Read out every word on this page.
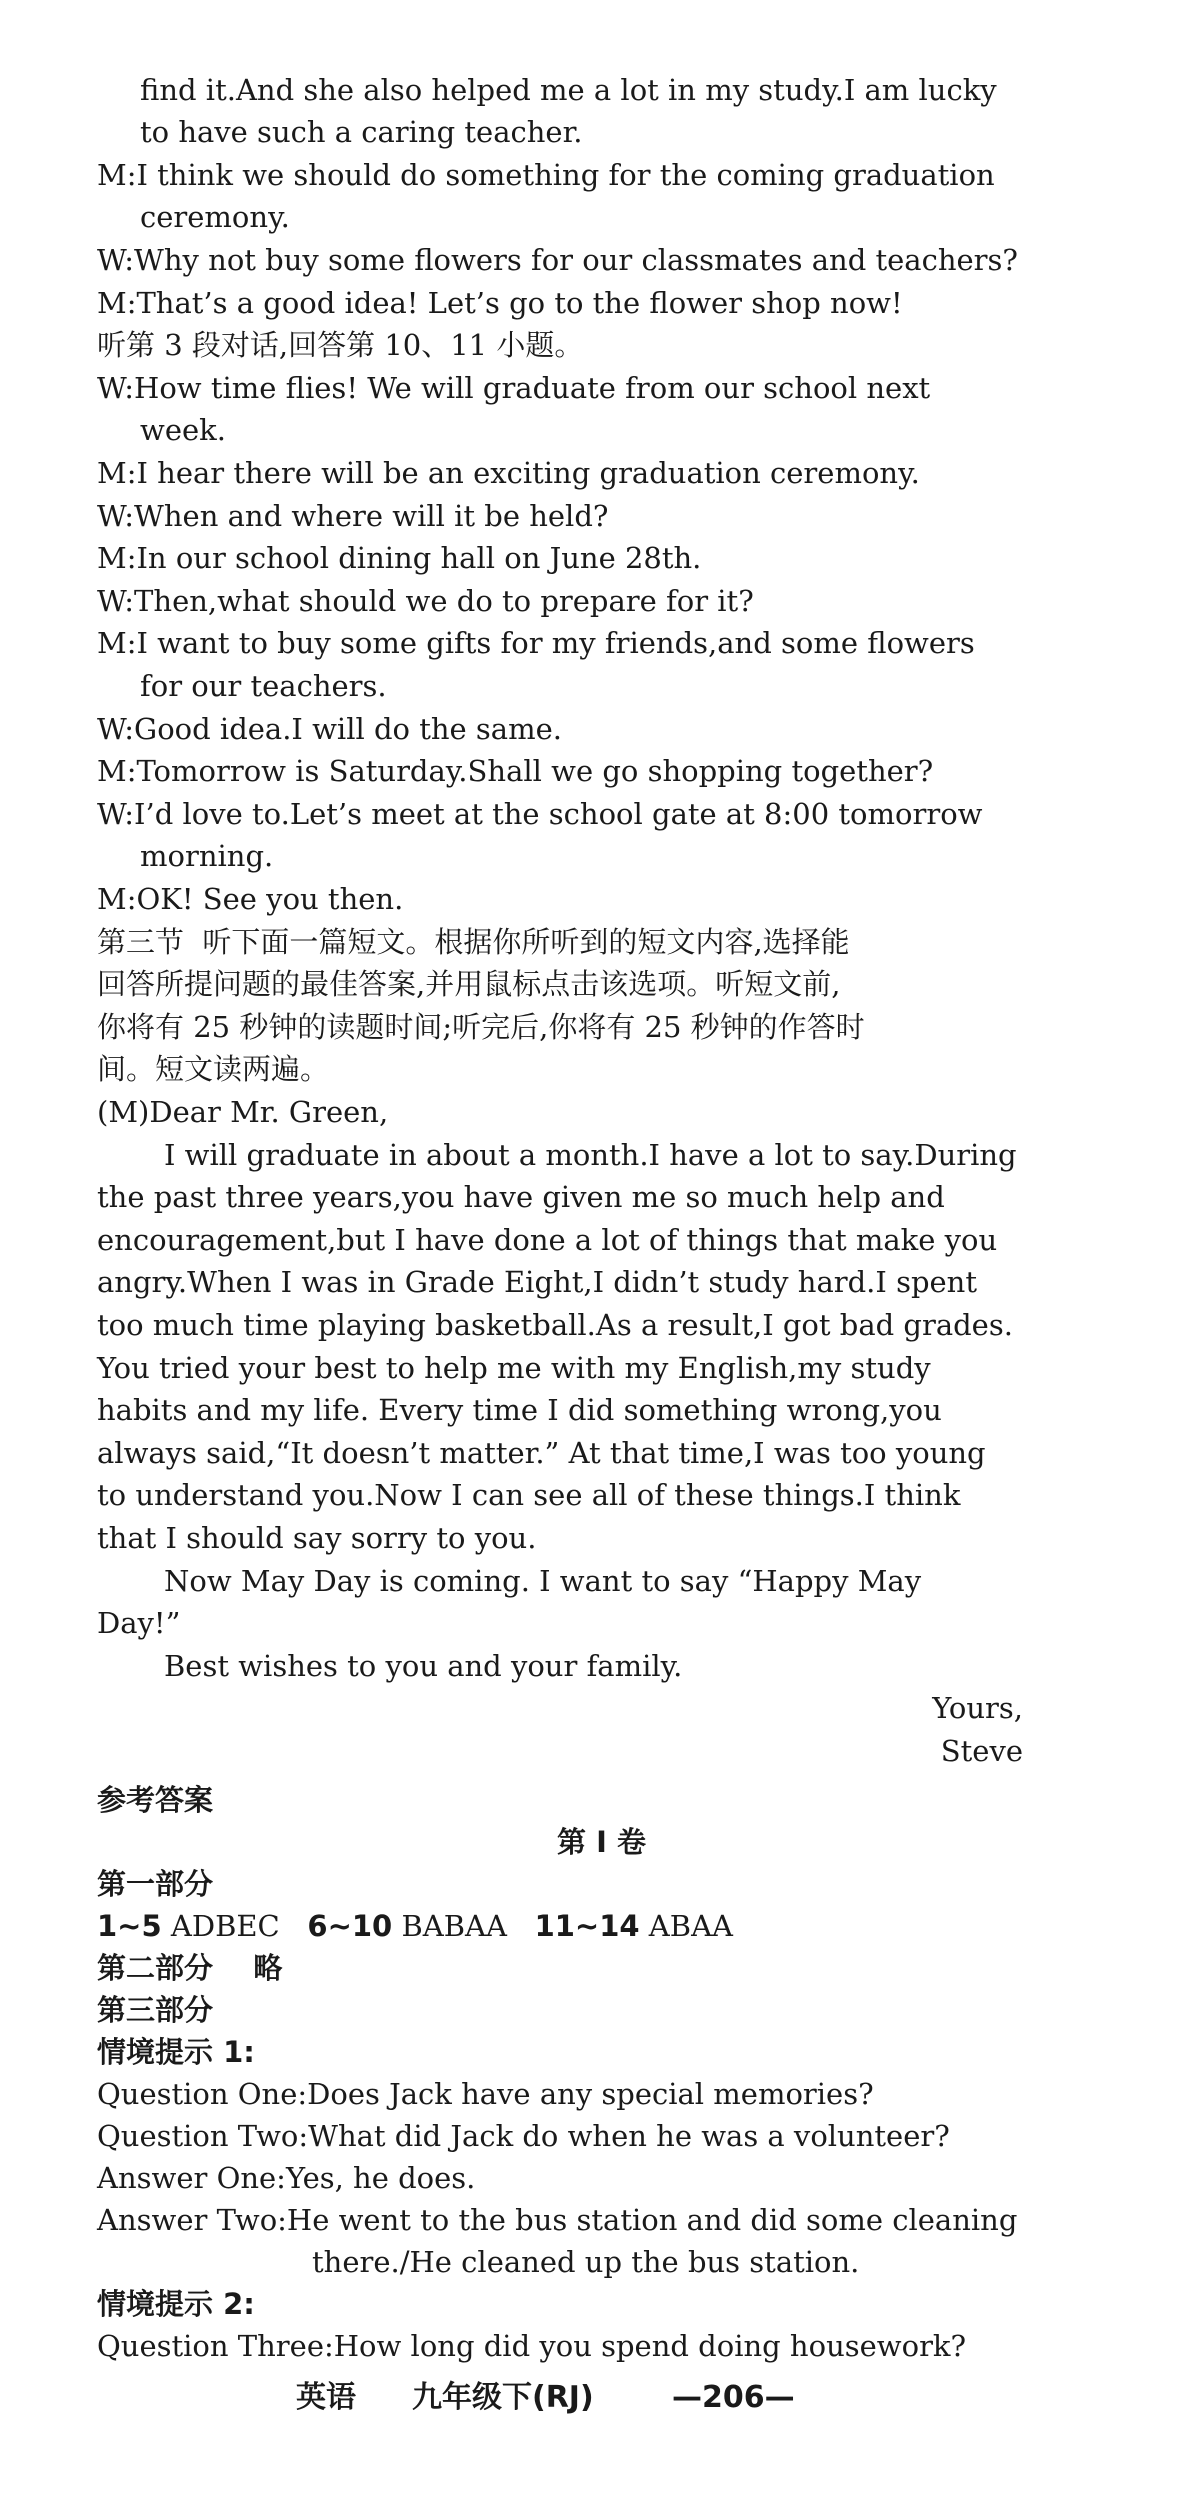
find it.And she also helped me a lot in my study.I am lucky
to have such a caring teacher.
M:I think we should do something for the coming graduation
ceremony.
W:Why not buy some flowers for our classmates and teachers?
M:That’s a good idea! Let’s go to the flower shop now!
听第 3 段对话,回答第 10、11 小题。
W:How time flies! We will graduate from our school next
week.
M:I hear there will be an exciting graduation ceremony.
W:When and where will it be held?
M:In our school dining hall on June 28th.
W:Then,what should we do to prepare for it?
M:I want to buy some gifts for my friends,and some flowers
for our teachers.
W:Good idea.I will do the same.
M:Tomorrow is Saturday.Shall we go shopping together?
W:I’d love to.Let’s meet at the school gate at 8:00 tomorrow
morning.
M:OK! See you then.
第三节  听下面一篇短文。根据你所听到的短文内容,选择能
回答所提问题的最佳答案,并用鼠标点击该选项。听短文前,
你将有 25 秒钟的读题时间;听完后,你将有 25 秒钟的作答时
间。短文读两遍。
(M)Dear Mr. Green,
I will graduate in about a month.I have a lot to say.During
the past three years,you have given me so much help and
encouragement,but I have done a lot of things that make you
angry.When I was in Grade Eight,I didn’t study hard.I spent
too much time playing basketball.As a result,I got bad grades.
You tried your best to help me with my English,my study
habits and my life. Every time I did something wrong,you
always said,“It doesn’t matter.” At that time,I was too young
to understand you.Now I can see all of these things.I think
that I should say sorry to you.
Now May Day is coming. I want to say “Happy May
Day!”
Best wishes to you and your family.
Yours,
Steve
参考答案
第 I 卷
第一部分
1~5 ADBEC   6~10 BABAA   11~14 ABAA
第二部分    略
第三部分
情境提示 1:
Question One:Does Jack have any special memories?
Question Two:What did Jack do when he was a volunteer?
Answer One:Yes, he does.
Answer Two:He went to the bus station and did some cleaning
there./He cleaned up the bus station.
情境提示 2:
Question Three:How long did you spend doing housework?
英语 九年级下(RJ)	—206—
